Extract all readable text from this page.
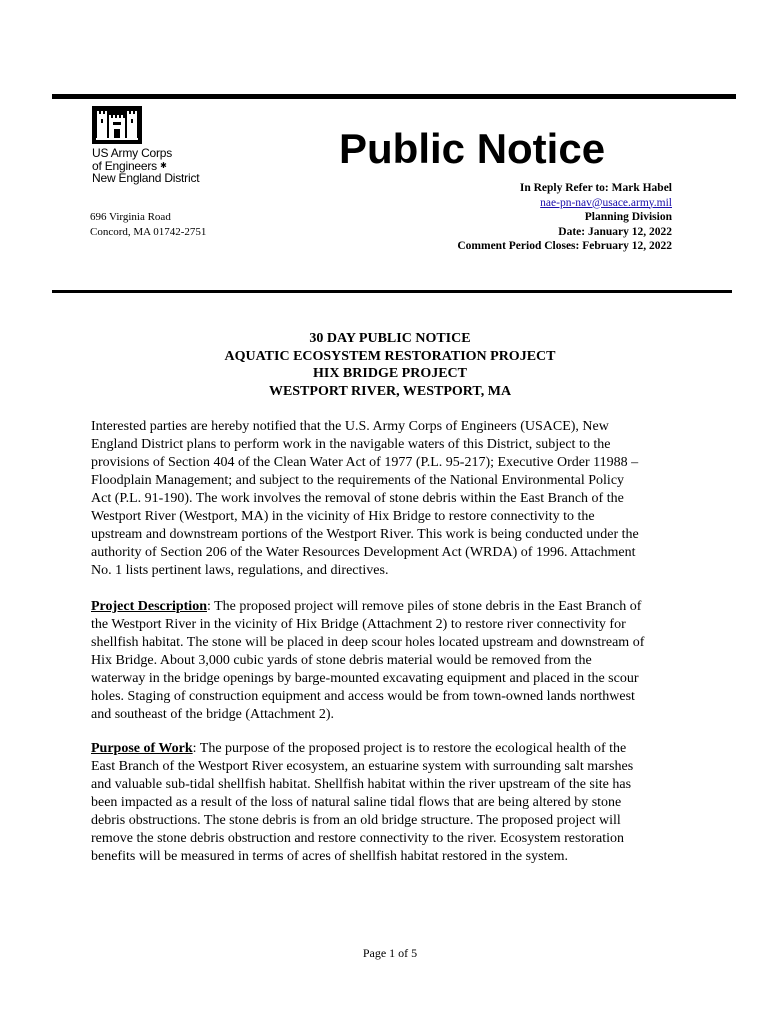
US Army Corps
of Engineers ✱
New England District
696 Virginia Road
Concord, MA 01742-2751
Public Notice
In Reply Refer to: Mark Habel
nae-pn-nav@usace.army.mil
Planning Division
Date: January 12, 2022
Comment Period Closes: February 12, 2022
30 DAY PUBLIC NOTICE
AQUATIC ECOSYSTEM RESTORATION PROJECT
HIX BRIDGE PROJECT
WESTPORT RIVER, WESTPORT, MA
Interested parties are hereby notified that the U.S. Army Corps of Engineers (USACE), New
England District plans to perform work in the navigable waters of this District, subject to the
provisions of Section 404 of the Clean Water Act of 1977 (P.L. 95-217); Executive Order 11988 –
Floodplain Management; and subject to the requirements of the National Environmental Policy
Act (P.L. 91-190). The work involves the removal of stone debris within the East Branch of the
Westport River (Westport, MA) in the vicinity of Hix Bridge to restore connectivity to the
upstream and downstream portions of the Westport River. This work is being conducted under the
authority of Section 206 of the Water Resources Development Act (WRDA) of 1996. Attachment
No. 1 lists pertinent laws, regulations, and directives.
Project Description: The proposed project will remove piles of stone debris in the East Branch of
the Westport River in the vicinity of Hix Bridge (Attachment 2) to restore river connectivity for
shellfish habitat. The stone will be placed in deep scour holes located upstream and downstream of
Hix Bridge. About 3,000 cubic yards of stone debris material would be removed from the
waterway in the bridge openings by barge-mounted excavating equipment and placed in the scour
holes. Staging of construction equipment and access would be from town-owned lands northwest
and southeast of the bridge (Attachment 2).
Purpose of Work: The purpose of the proposed project is to restore the ecological health of the
East Branch of the Westport River ecosystem, an estuarine system with surrounding salt marshes
and valuable sub-tidal shellfish habitat. Shellfish habitat within the river upstream of the site has
been impacted as a result of the loss of natural saline tidal flows that are being altered by stone
debris obstructions. The stone debris is from an old bridge structure. The proposed project will
remove the stone debris obstruction and restore connectivity to the river. Ecosystem restoration
benefits will be measured in terms of acres of shellfish habitat restored in the system.
Page 1 of 5
